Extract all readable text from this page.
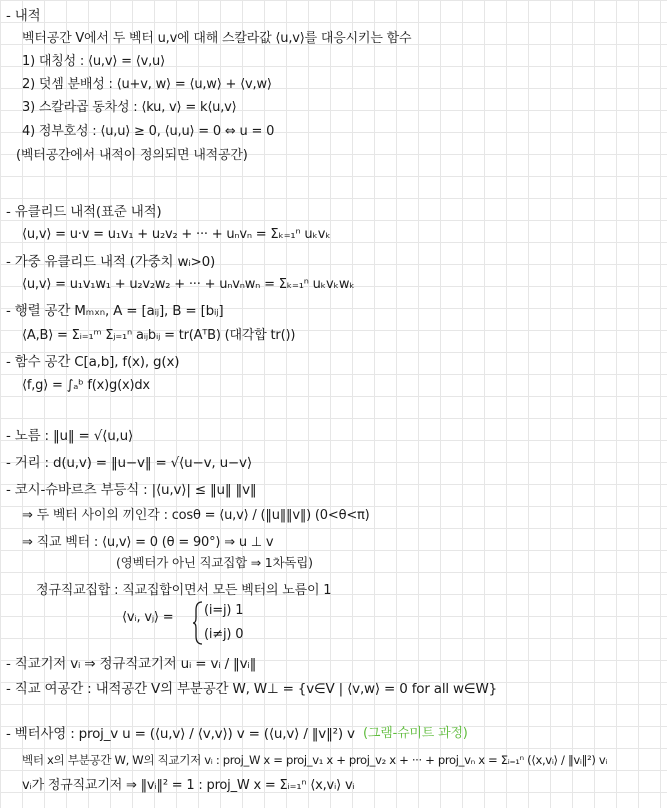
- 내적
벡터공간 V에서 두 벡터 u,v에 대해 스칼라값 ⟨u,v⟩를 대응시키는 함수
1) 대칭성 : ⟨u,v⟩ = ⟨v,u⟩
2) 덧셈 분배성 : ⟨u+v, w⟩ = ⟨u,w⟩ + ⟨v,w⟩
3) 스칼라곱 동차성 : ⟨ku, v⟩ = k⟨u,v⟩
4) 정부호성 : ⟨u,u⟩ ≥ 0, ⟨u,u⟩ = 0 ⇔ u = 0
(벡터공간에서 내적이 정의되면 내적공간)
- 유클리드 내적(표준 내적)
⟨u,v⟩ = u·v = u₁v₁ + u₂v₂ + ··· + uₙvₙ = Σₖ₌₁ⁿ uₖvₖ
- 가중 유클리드 내적 (가중치 wᵢ>0)
⟨u,v⟩ = u₁v₁w₁ + u₂v₂w₂ + ··· + uₙvₙwₙ = Σₖ₌₁ⁿ uₖvₖwₖ
- 행렬 공간 Mₘₓₙ, A = [aᵢⱼ], B = [bᵢⱼ]
⟨A,B⟩ = Σᵢ₌₁ᵐ Σⱼ₌₁ⁿ aᵢⱼbᵢⱼ = tr(AᵀB) (대각합 tr())
- 함수 공간 C[a,b], f(x), g(x)
⟨f,g⟩ = ∫ₐᵇ f(x)g(x)dx
- 노름 : ‖u‖ = √⟨u,u⟩
- 거리 : d(u,v) = ‖u−v‖ = √⟨u−v, u−v⟩
- 코시-슈바르츠 부등식 : |⟨u,v⟩| ≤ ‖u‖ ‖v‖
⇒ 두 벡터 사이의 끼인각 : cosθ = ⟨u,v⟩ / (‖u‖‖v‖) (0<θ<π)
⇒ 직교 벡터 : ⟨u,v⟩ = 0 (θ = 90°) ⇒ u ⊥ v
(영벡터가 아닌 직교집합 ⇒ 1차독립)
정규직교집합 : 직교집합이면서 모든 벡터의 노름이 1
⟨vᵢ, vⱼ⟩ = (i=j) 1
(i≠j) 0
- 직교기저 vᵢ ⇒ 정규직교기저 uᵢ = vᵢ / ‖vᵢ‖
- 직교 여공간 : 내적공간 V의 부분공간 W, W⊥ = {v∈V | ⟨v,w⟩ = 0 for all w∈W}
- 벡터사영 : proj_v u = (⟨u,v⟩ / ⟨v,v⟩) v = (⟨u,v⟩ / ‖v‖²) v (그램-슈미트 과정)
벡터 x의 부분공간 W, W의 직교기저 vᵢ : proj_W x = proj_v₁ x + proj_v₂ x + ··· + proj_vₙ x = Σᵢ₌₁ⁿ (⟨x,vᵢ⟩ / ‖vᵢ‖²) vᵢ
vᵢ가 정규직교기저 ⇒ ‖vᵢ‖² = 1 : proj_W x = Σᵢ₌₁ⁿ ⟨x,vᵢ⟩ vᵢ
